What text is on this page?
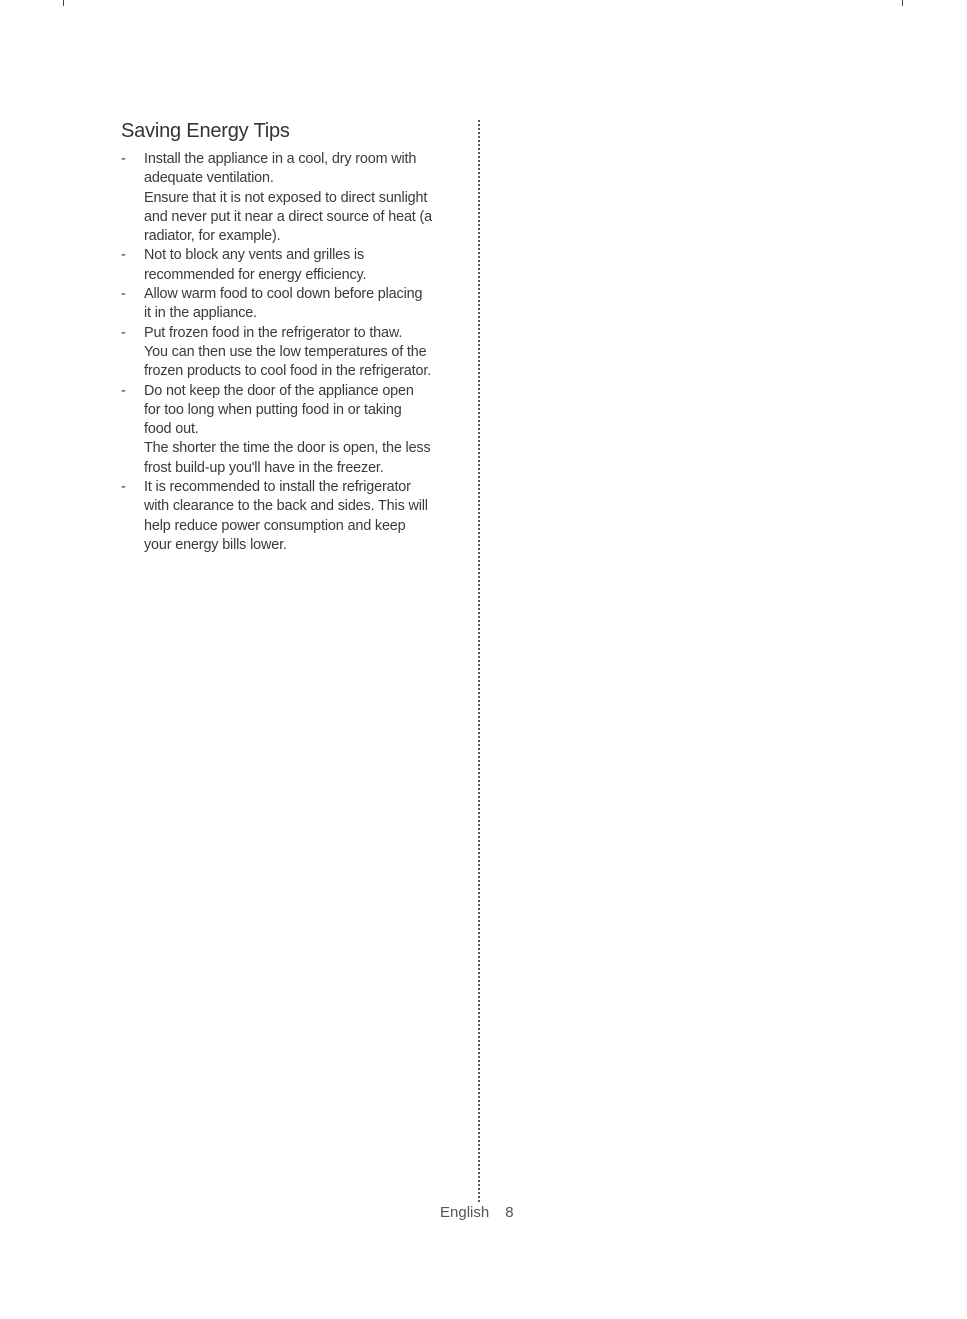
Saving Energy Tips
- Install the appliance in a cool, dry room with
adequate ventilation.
Ensure that it is not exposed to direct sunlight
and never put it near a direct source of heat (a
radiator, for example).
- Not to block any vents and grilles is
recommended for energy efficiency.
- Allow warm food to cool down before placing
it in the appliance.
- Put frozen food in the refrigerator to thaw.
You can then use the low temperatures of the
frozen products to cool food in the refrigerator.
- Do not keep the door of the appliance open
for too long when putting food in or taking
food out.
The shorter the time the door is open, the less
frost build-up you'll have in the freezer.
- It is recommended to install the refrigerator
with clearance to the back and sides. This will
help reduce power consumption and keep
your energy bills lower.
English 8
